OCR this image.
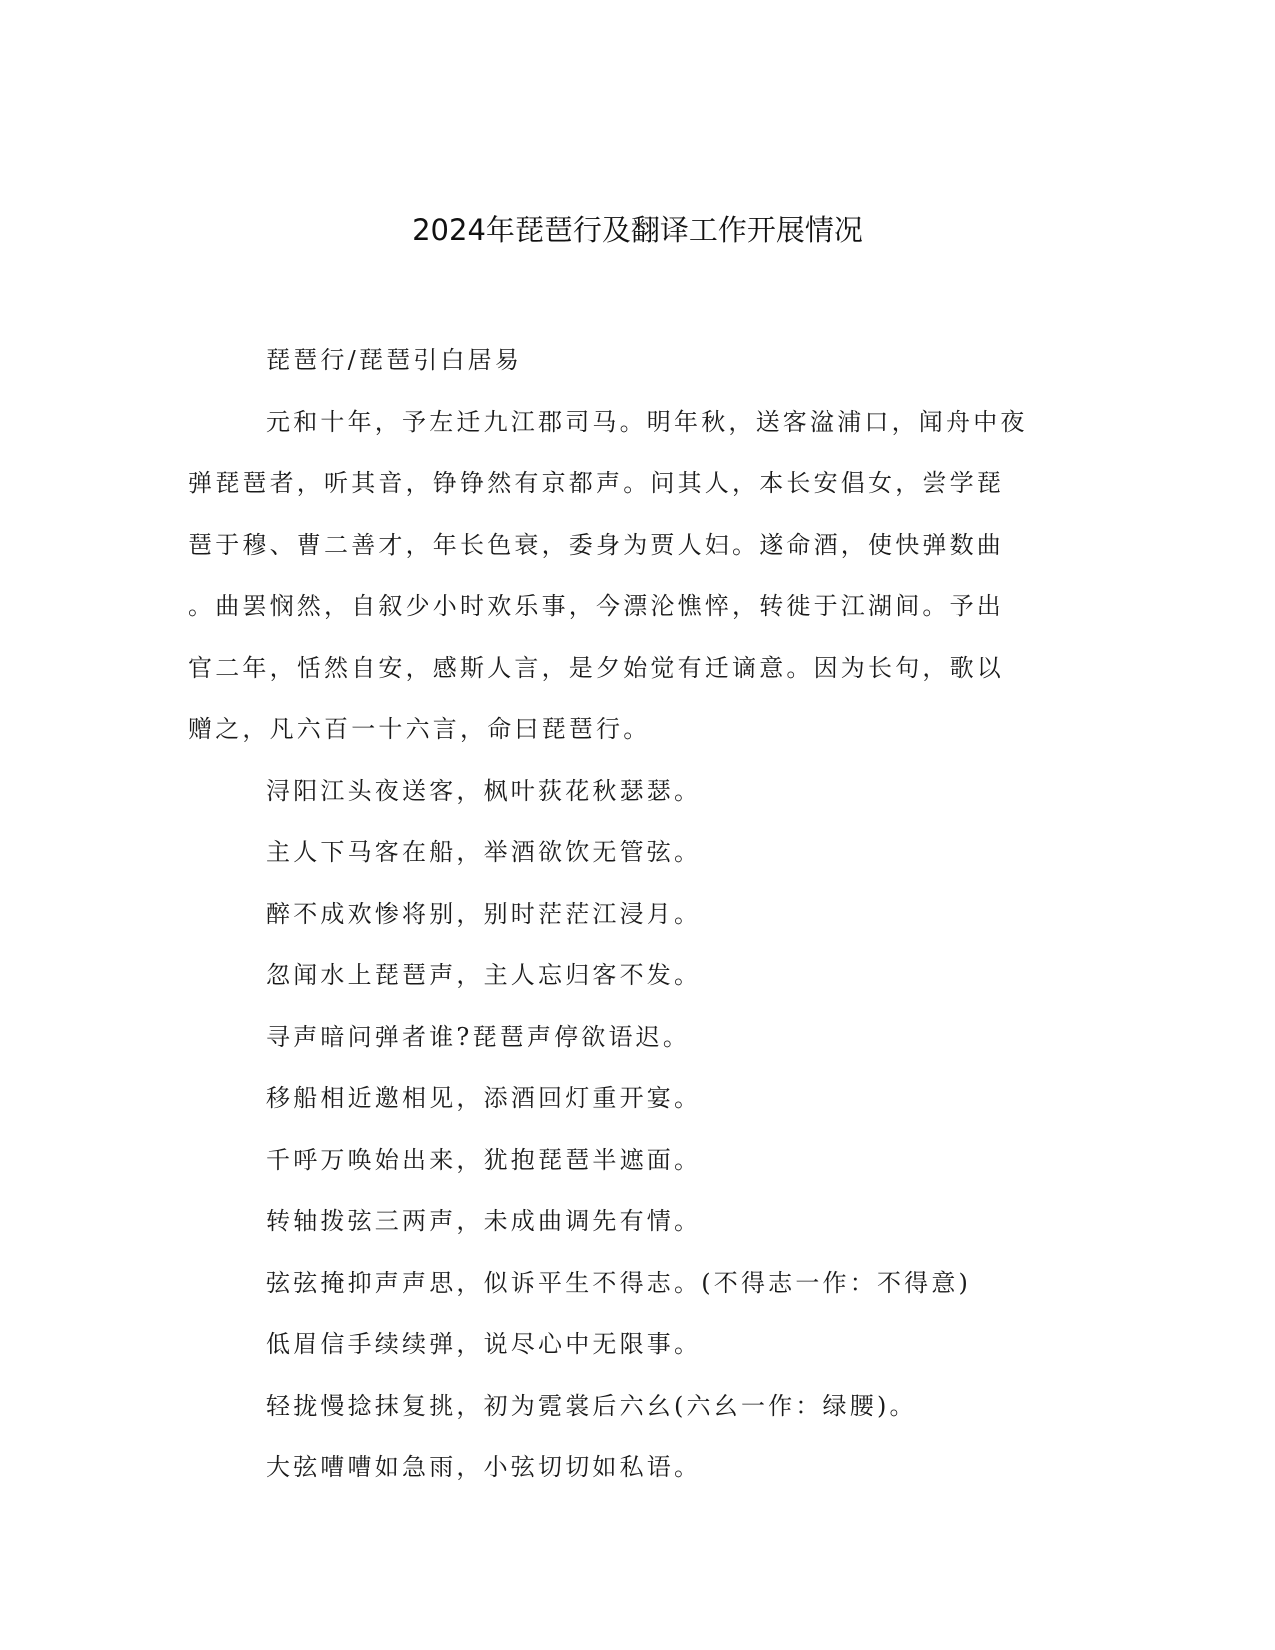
2024年琵琶行及翻译工作开展情况

琵琶行/琵琶引白居易

元和十年，予左迁九江郡司马。明年秋，送客湓浦口，闻舟中夜
弹琵琶者，听其音，铮铮然有京都声。问其人，本长安倡女，尝学琵
琶于穆、曹二善才，年长色衰，委身为贾人妇。遂命酒，使快弹数曲
。曲罢悯然，自叙少小时欢乐事，今漂沦憔悴，转徙于江湖间。予出
官二年，恬然自安，感斯人言，是夕始觉有迁谪意。因为长句，歌以
赠之，凡六百一十六言，命曰琵琶行。

浔阳江头夜送客，枫叶荻花秋瑟瑟。

主人下马客在船，举酒欲饮无管弦。

醉不成欢惨将别，别时茫茫江浸月。

忽闻水上琵琶声，主人忘归客不发。

寻声暗问弹者谁?琵琶声停欲语迟。

移船相近邀相见，添酒回灯重开宴。

千呼万唤始出来，犹抱琵琶半遮面。

转轴拨弦三两声，未成曲调先有情。

弦弦掩抑声声思，似诉平生不得志。(不得志一作：不得意)

低眉信手续续弹，说尽心中无限事。

轻拢慢捻抹复挑，初为霓裳后六幺(六幺一作：绿腰)。

大弦嘈嘈如急雨，小弦切切如私语。
